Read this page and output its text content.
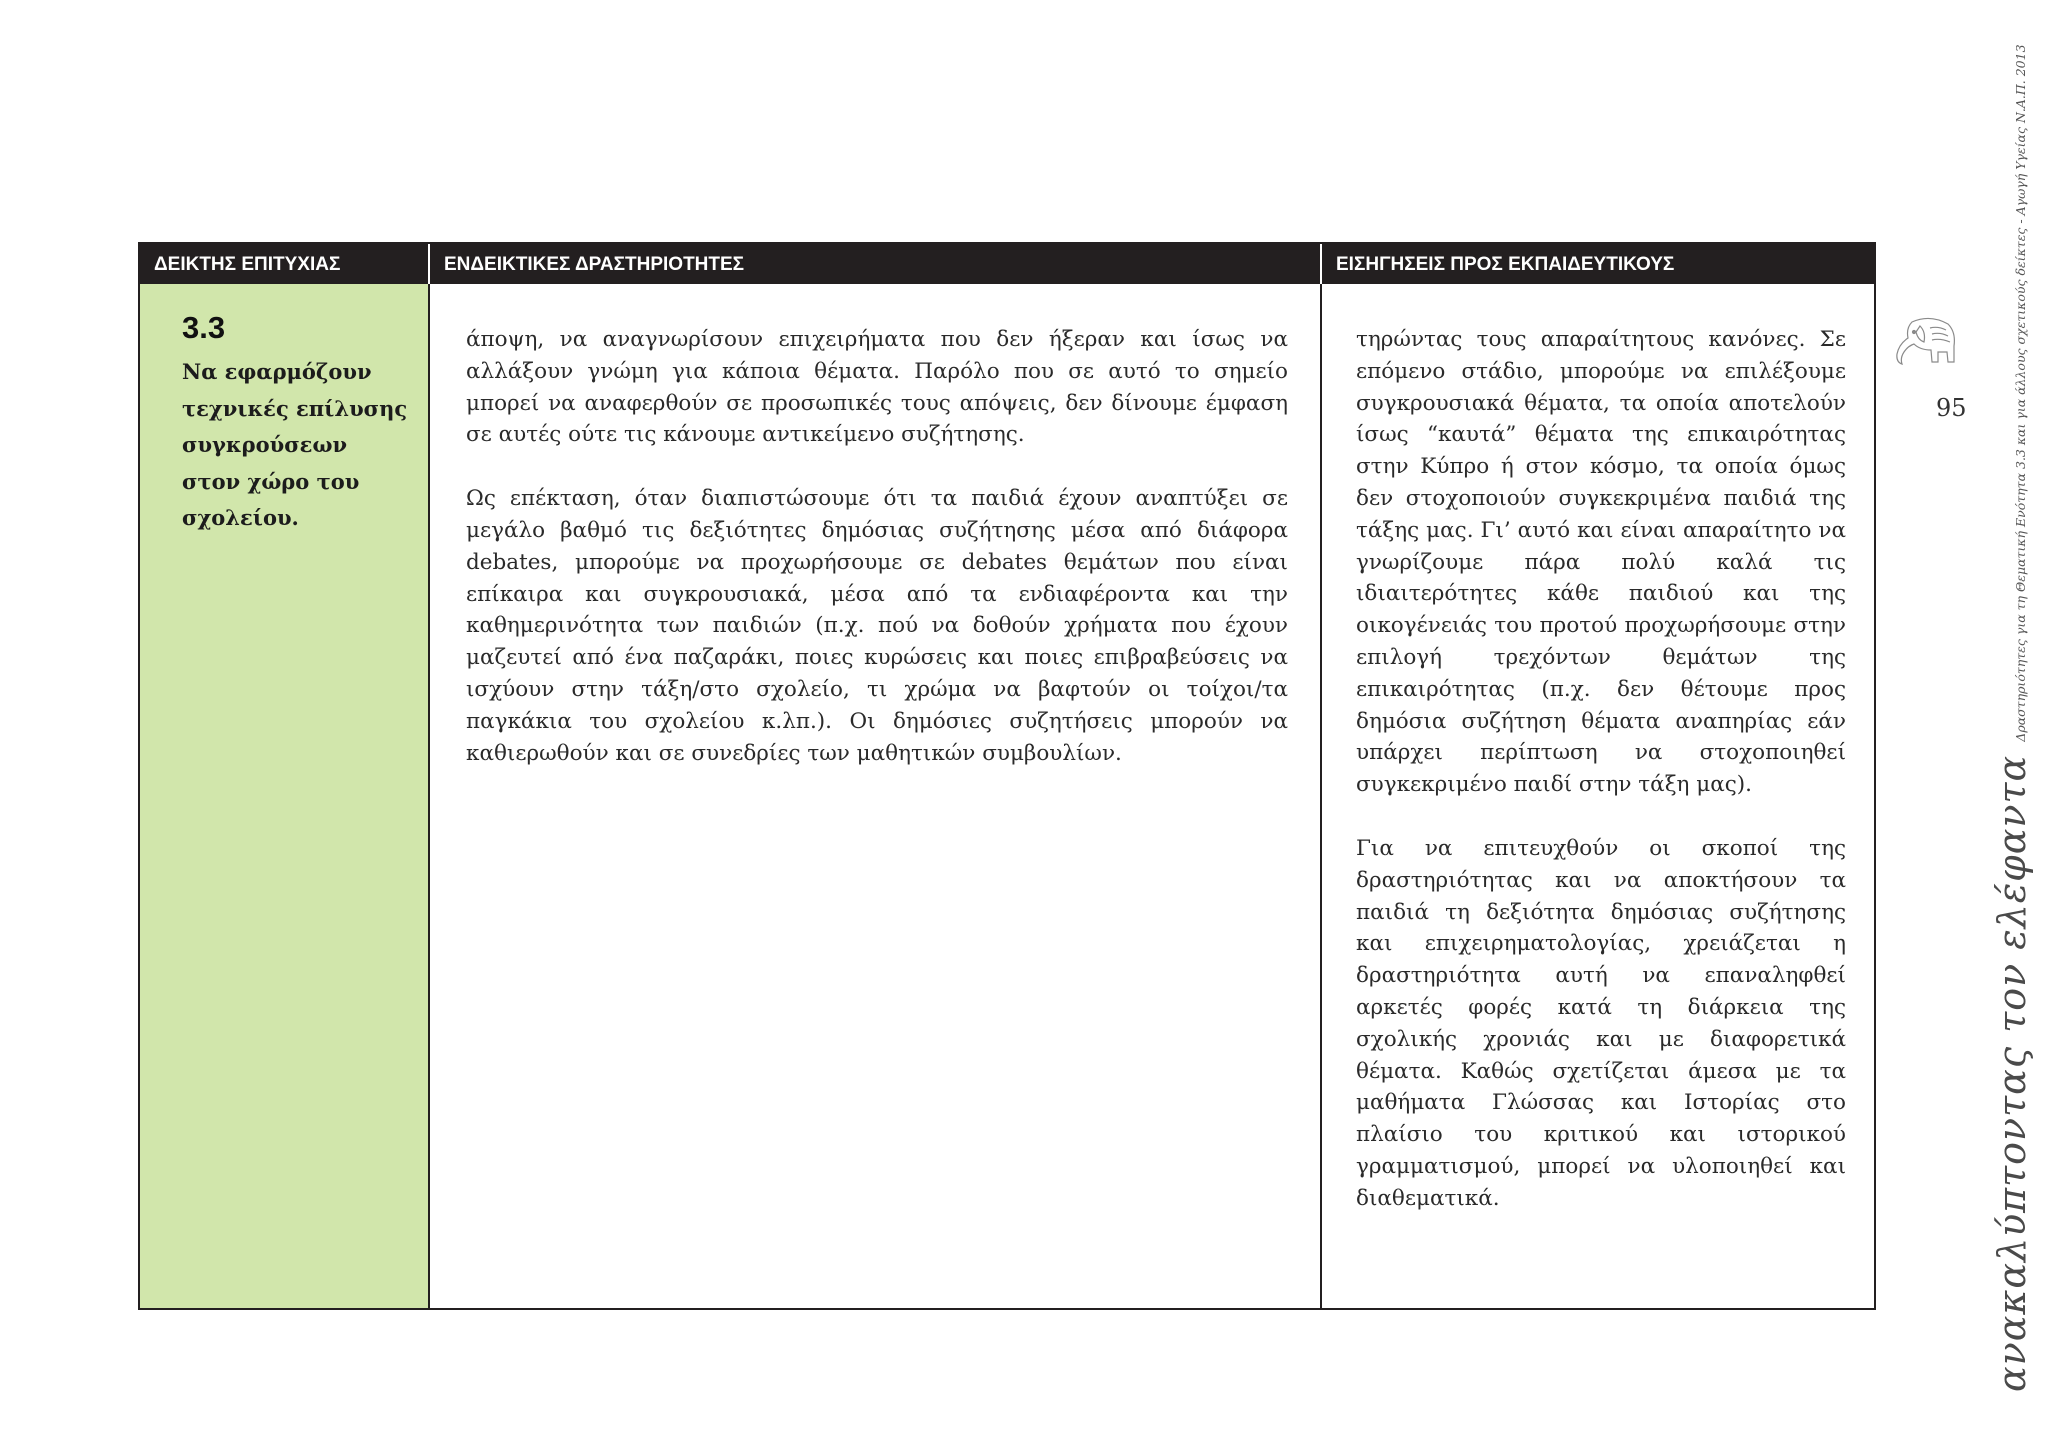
ΔΕΙΚΤΗΣ ΕΠΙΤΥΧΙΑΣ	ΕΝΔΕΙΚΤΙΚΕΣ ΔΡΑΣΤΗΡΙΟΤΗΤΕΣ	ΕΙΣΗΓΗΣΕΙΣ ΠΡΟΣ ΕΚΠΑΙΔΕΥΤΙΚΟΥΣ
3.3
Να εφαρμόζουν
τεχνικές επίλυσης
συγκρούσεων
στον χώρο του
σχολείου.

άποψη, να αναγνωρίσουν επιχειρήματα που δεν ήξεραν και ίσως να αλλάξουν γνώμη για κάποια θέματα. Παρόλο που σε αυτό το σημείο μπορεί να αναφερθούν σε προσωπικές τους απόψεις, δεν δίνουμε έμφαση σε αυτές ούτε τις κάνουμε αντικείμενο συζήτησης.

Ως επέκταση, όταν διαπιστώσουμε ότι τα παιδιά έχουν αναπτύξει σε μεγάλο βαθμό τις δεξιότητες δημόσιας συζήτησης μέσα από διάφορα debates, μπορούμε να προχωρήσουμε σε debates θεμάτων που είναι επίκαιρα και συγκρουσιακά, μέσα από τα ενδιαφέροντα και την καθημερινότητα των παιδιών (π.χ. πού να δοθούν χρήματα που έχουν μαζευτεί από ένα παζαράκι, ποιες κυρώσεις και ποιες επιβραβεύσεις να ισχύουν στην τάξη/στο σχολείο, τι χρώμα να βαφτούν οι τοίχοι/τα παγκάκια του σχολείου κ.λπ.). Οι δημόσιες συζητήσεις μπορούν να καθιερωθούν και σε συνεδρίες των μαθητικών συμβουλίων.

τηρώντας τους απαραίτητους κανόνες. Σε επόμενο στάδιο, μπορούμε να επιλέξουμε συγκρουσιακά θέματα, τα οποία αποτελούν ίσως “καυτά” θέματα της επικαιρότητας στην Κύπρο ή στον κόσμο, τα οποία όμως δεν στοχοποιούν συγκεκριμένα παιδιά της τάξης μας. Γι’ αυτό και είναι απαραίτητο να γνωρίζουμε πάρα πολύ καλά τις ιδιαιτερότητες κάθε παιδιού και της οικογένειάς του προτού προχωρήσουμε στην επιλογή τρεχόντων θεμάτων της επικαιρότητας (π.χ. δεν θέτουμε προς δημόσια συζήτηση θέματα αναπηρίας εάν υπάρχει περίπτωση να στοχοποιηθεί συγκεκριμένο παιδί στην τάξη μας).

Για να επιτευχθούν οι σκοποί της δραστηριότητας και να αποκτήσουν τα παιδιά τη δεξιότητα δημόσιας συζήτησης και επιχειρηματολογίας, χρειάζεται η δραστηριότητα αυτή να επαναληφθεί αρκετές φορές κατά τη διάρκεια της σχολικής χρονιάς και με διαφορετικά θέματα. Καθώς σχετίζεται άμεσα με τα μαθήματα Γλώσσας και Ιστορίας στο πλαίσιο του κριτικού και ιστορικού γραμματισμού, μπορεί να υλοποιηθεί και διαθεματικά.

95
ανακαλύπτοντας τον ελέφαντα Δραστηριότητες για τη Θεματική Ενότητα 3.3 και για άλλους σχετικούς δείκτες - Αγωγή Υγείας Ν.Α.Π. 2013
